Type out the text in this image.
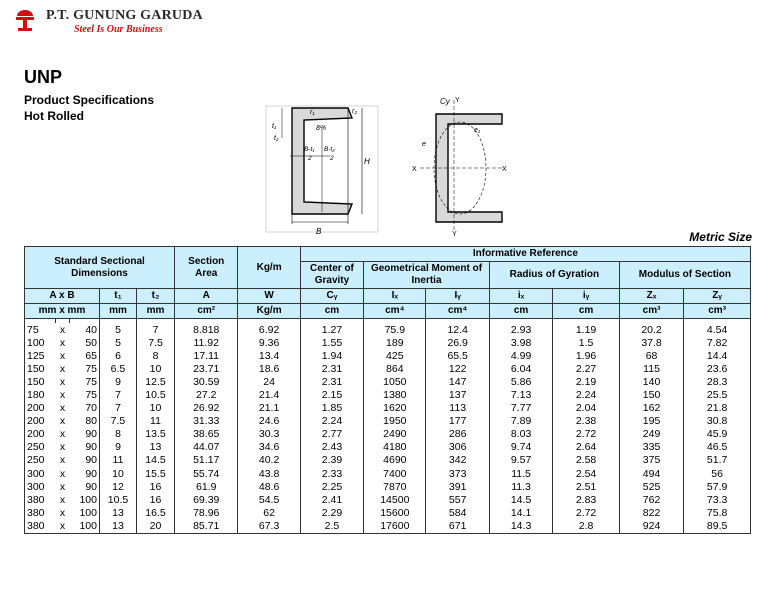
P.T. GUNUNG GARUDA
Steel Is Our Business
UNP
Product Specifications
Hot Rolled	r₁	r₂
8%
t₁
t₂
B-t₁
2
B-t₂
2	H
B
Cy Y
Y
X	X
e
e₁
Metric Size
Standard Sectional Dimensions					Section Area	Kg/m	Informative Reference						
							Center of Gravity	Geometrical Moment of Inertia		Radius of Gyration		Modulus of Section	
A x B			t₁	t₂	A	W	Cᵧ	Iₓ	Iᵧ	iₓ	iᵧ	Zₓ	Zᵧ
mm x mm			mm	mm	cm²	Kg/m	cm	cm⁴	cm⁴	cm	cm	cm³	cm³

75	x	40	5	7	8.818	6.92	1.27	75.9	12.4	2.93	1.19	20.2	4.54
100	x	50	5	7.5	11.92	9.36	1.55	189	26.9	3.98	1.5	37.8	7.82
125	x	65	6	8	17.11	13.4	1.94	425	65.5	4.99	1.96	68	14.4
150	x	75	6.5	10	23.71	18.6	2.31	864	122	6.04	2.27	115	23.6
150	x	75	9	12.5	30.59	24	2.31	1050	147	5.86	2.19	140	28.3
180	x	75	7	10.5	27.2	21.4	2.15	1380	137	7.13	2.24	150	25.5
200	x	70	7	10	26.92	21.1	1.85	1620	113	7.77	2.04	162	21.8
200	x	80	7.5	11	31.33	24.6	2.24	1950	177	7.89	2.38	195	30.8
200	x	90	8	13.5	38.65	30.3	2.77	2490	286	8.03	2.72	249	45.9
250	x	90	9	13	44.07	34.6	2.43	4180	306	9.74	2.64	335	46.5
250	x	90	11	14.5	51.17	40.2	2.39	4690	342	9.57	2.58	375	51.7
300	x	90	10	15.5	55.74	43.8	2.33	7400	373	11.5	2.54	494	56
300	x	90	12	16	61.9	48.6	2.25	7870	391	11.3	2.51	525	57.9
380	x	100	10.5	16	69.39	54.5	2.41	14500	557	14.5	2.83	762	73.3
380	x	100	13	16.5	78.96	62	2.29	15600	584	14.1	2.72	822	75.8
380	x	100	13	20	85.71	67.3	2.5	17600	671	14.3	2.8	924	89.5
